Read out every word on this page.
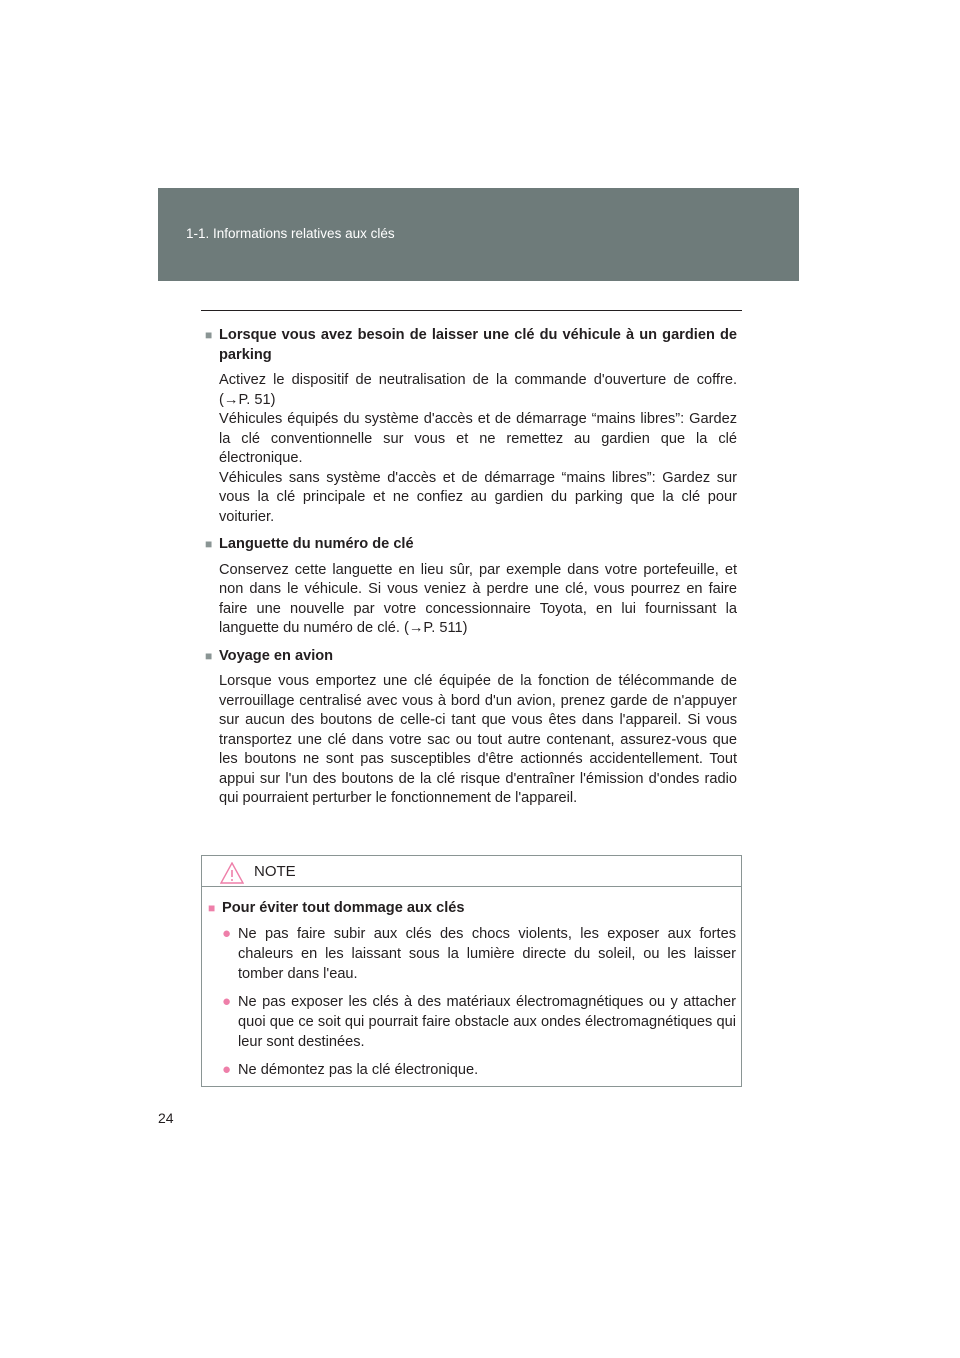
1-1. Informations relatives aux clés
■ Lorsque vous avez besoin de laisser une clé du véhicule à un gardien de parking

Activez le dispositif de neutralisation de la commande d'ouverture de coffre. (→P. 51)

Véhicules équipés du système d'accès et de démarrage “mains libres”: Gardez la clé conventionnelle sur vous et ne remettez au gardien que la clé électronique.

Véhicules sans système d'accès et de démarrage “mains libres”: Gardez sur vous la clé principale et ne confiez au gardien du parking que la clé pour voiturier.

■ Languette du numéro de clé

Conservez cette languette en lieu sûr, par exemple dans votre portefeuille, et non dans le véhicule. Si vous veniez à perdre une clé, vous pourrez en faire faire une nouvelle par votre concessionnaire Toyota, en lui fournissant la languette du numéro de clé. (→P. 511)

■ Voyage en avion

Lorsque vous emportez une clé équipée de la fonction de télécommande de verrouillage centralisé avec vous à bord d'un avion, prenez garde de n'appuyer sur aucun des boutons de celle-ci tant que vous êtes dans l'appareil. Si vous transportez une clé dans votre sac ou tout autre contenant, assurez-vous que les boutons ne sont pas susceptibles d'être actionnés accidentellement. Tout appui sur l'un des boutons de la clé risque d'entraîner l'émission d'ondes radio qui pourraient perturber le fonctionnement de l'appareil.

NOTE
■ Pour éviter tout dommage aux clés
● Ne pas faire subir aux clés des chocs violents, les exposer aux fortes chaleurs en les laissant sous la lumière directe du soleil, ou les laisser tomber dans l'eau.
● Ne pas exposer les clés à des matériaux électromagnétiques ou y attacher quoi que ce soit qui pourrait faire obstacle aux ondes électromagnétiques qui leur sont destinées.
● Ne démontez pas la clé électronique.
24
